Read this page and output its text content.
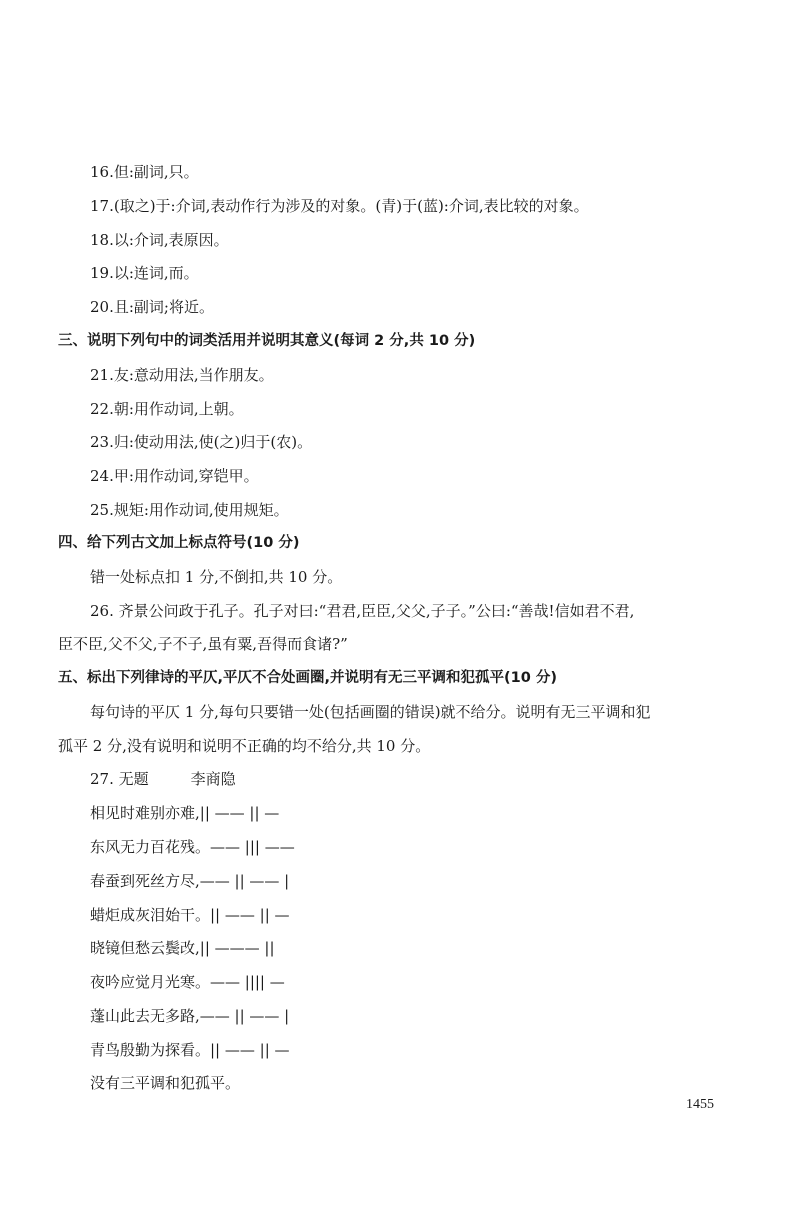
16.但:副词,只。
17.(取之)于:介词,表动作行为涉及的对象。(青)于(蓝):介词,表比较的对象。
18.以:介词,表原因。
19.以:连词,而。
20.且:副词;将近。
三、说明下列句中的词类活用并说明其意义(每词 2 分,共 10 分)
21.友:意动用法,当作朋友。
22.朝:用作动词,上朝。
23.归:使动用法,使(之)归于(农)。
24.甲:用作动词,穿铠甲。
25.规矩:用作动词,使用规矩。
四、给下列古文加上标点符号(10 分)
错一处标点扣 1 分,不倒扣,共 10 分。
26. 齐景公问政于孔子。孔子对曰:“君君,臣臣,父父,子子。”公曰:“善哉!信如君不君,
臣不臣,父不父,子不子,虽有粟,吾得而食诸?”
五、标出下列律诗的平仄,平仄不合处画圈,并说明有无三平调和犯孤平(10 分)
每句诗的平仄 1 分,每句只要错一处(包括画圈的错误)就不给分。说明有无三平调和犯
孤平 2 分,没有说明和说明不正确的均不给分,共 10 分。
27. 无题	李商隐
相见时难别亦难,|| —— || —
东风无力百花残。—— ||| ——
春蚕到死丝方尽,—— || —— |
蜡炬成灰泪始干。|| —— || —
晓镜但愁云鬓改,|| ——— ||
夜吟应觉月光寒。—— |||| —
蓬山此去无多路,—— || —— |
青鸟殷勤为探看。|| —— || —
没有三平调和犯孤平。
1455
